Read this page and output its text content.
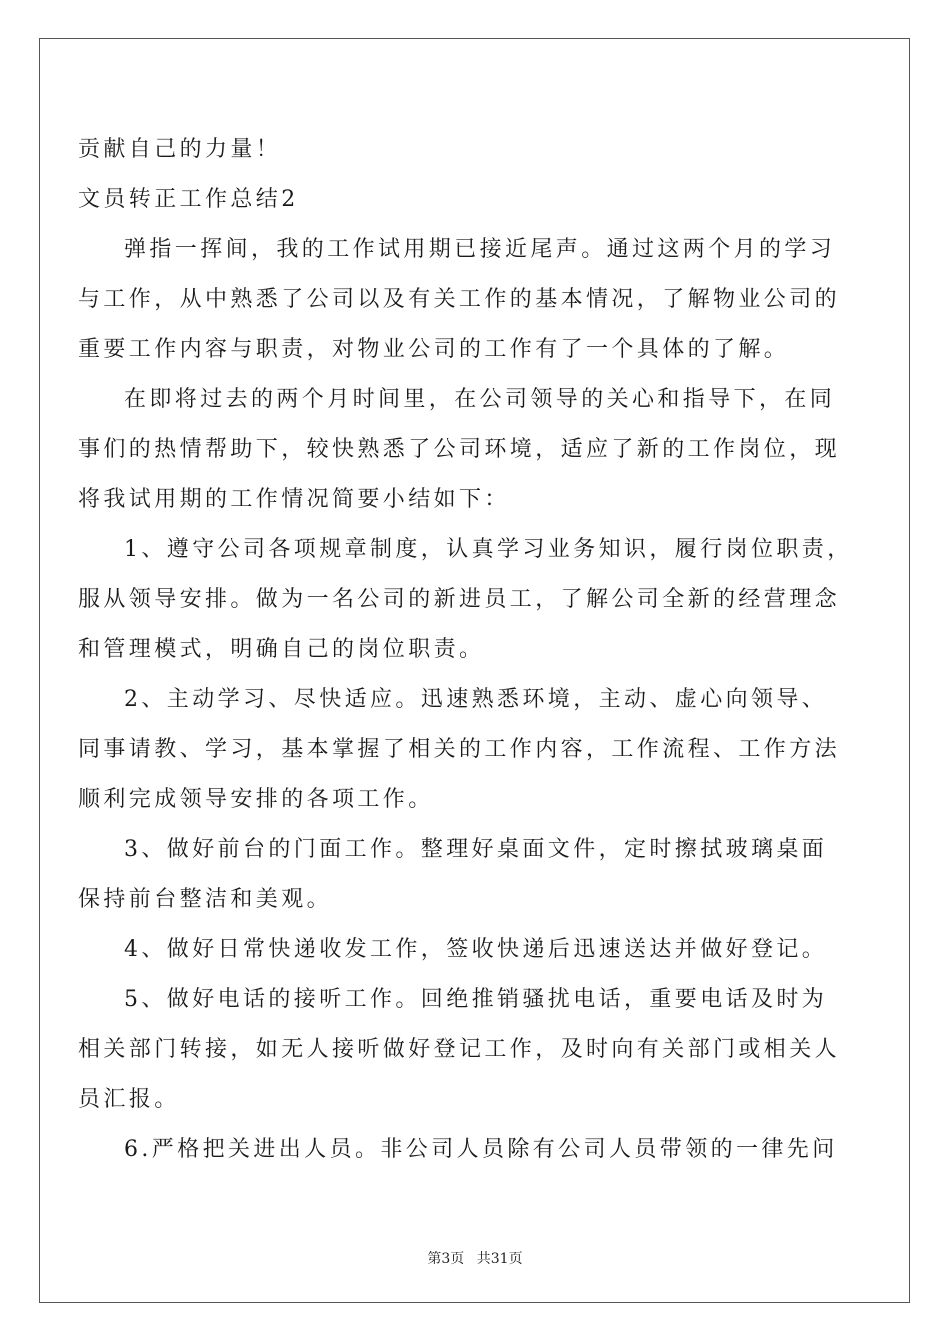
贡献自己的力量！
文员转正工作总结2
弹指一挥间，我的工作试用期已接近尾声。通过这两个月的学习
与工作，从中熟悉了公司以及有关工作的基本情况，了解物业公司的
重要工作内容与职责，对物业公司的工作有了一个具体的了解。
在即将过去的两个月时间里，在公司领导的关心和指导下，在同
事们的热情帮助下，较快熟悉了公司环境，适应了新的工作岗位，现
将我试用期的工作情况简要小结如下：
1、遵守公司各项规章制度，认真学习业务知识，履行岗位职责，
服从领导安排。做为一名公司的新进员工，了解公司全新的经营理念
和管理模式，明确自己的岗位职责。
2、主动学习、尽快适应。迅速熟悉环境，主动、虚心向领导、
同事请教、学习，基本掌握了相关的工作内容，工作流程、工作方法
顺利完成领导安排的各项工作。
3、做好前台的门面工作。整理好桌面文件，定时擦拭玻璃桌面
保持前台整洁和美观。
4、做好日常快递收发工作，签收快递后迅速送达并做好登记。
5、做好电话的接听工作。回绝推销骚扰电话，重要电话及时为
相关部门转接，如无人接听做好登记工作，及时向有关部门或相关人
员汇报。
6.严格把关进出人员。非公司人员除有公司人员带领的一律先问
第3页 共31页
